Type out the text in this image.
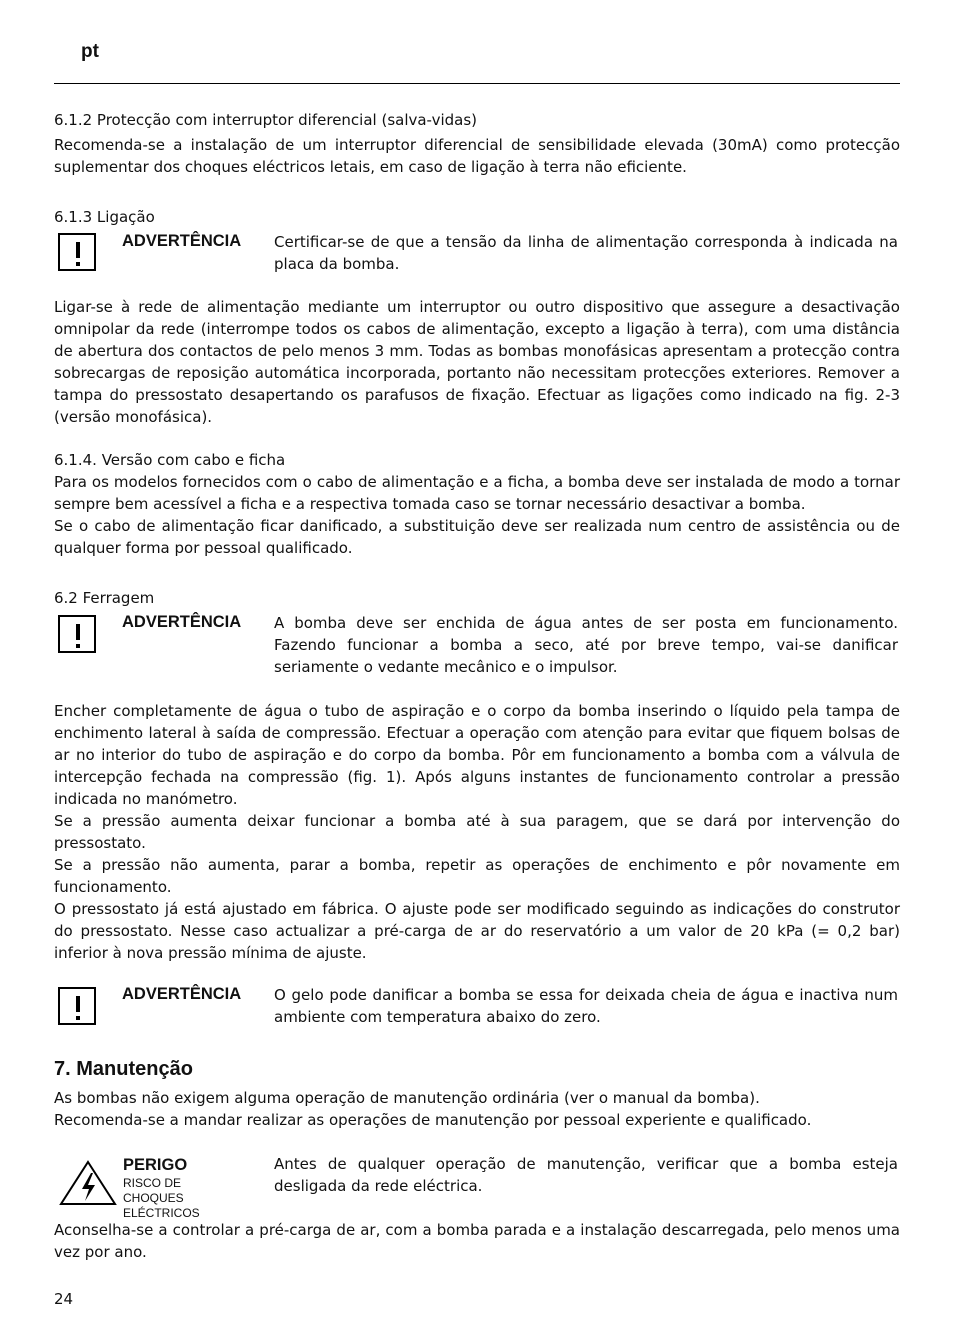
pt
6.1.2 Protecção com interruptor diferencial (salva-vidas)

Recomenda-se a instalação de um interruptor diferencial de sensibilidade elevada (30mA) como protecção suplementar dos choques eléctricos letais, em caso de ligação à terra não eficiente.

6.1.3 Ligação
ADVERTÊNCIA Certificar-se de que a tensão da linha de alimentação corresponda à indicada na placa da bomba.

Ligar-se à rede de alimentação mediante um interruptor ou outro dispositivo que assegure a desactivação omnipolar da rede (interrompe todos os cabos de alimentação, excepto a ligação à terra), com uma distância de abertura dos contactos de pelo menos 3 mm. Todas as bombas monofásicas apresentam a protecção contra sobrecargas de reposição automática incorporada, portanto não necessitam protecções exteriores. Remover a tampa do pressostato desapertando os parafusos de fixação. Efectuar as ligações como indicado na fig. 2-3 (versão monofásica).

6.1.4. Versão com cabo e ficha

Para os modelos fornecidos com o cabo de alimentação e a ficha, a bomba deve ser instalada de modo a tornar sempre bem acessível a ficha e a respectiva tomada caso se tornar necessário desactivar a bomba.

Se o cabo de alimentação ficar danificado, a substituição deve ser realizada num centro de assistência ou de qualquer forma por pessoal qualificado.

6.2 Ferragem
ADVERTÊNCIA A bomba deve ser enchida de água antes de ser posta em funcionamento. Fazendo funcionar a bomba a seco, até por breve tempo, vai-se danificar seriamente o vedante mecânico e o impulsor.

Encher completamente de água o tubo de aspiração e o corpo da bomba inserindo o líquido pela tampa de enchimento lateral à saída de compressão. Efectuar a operação com atenção para evitar que fiquem bolsas de ar no interior do tubo de aspiração e do corpo da bomba. Pôr em funcionamento a bomba com a válvula de intercepção fechada na compressão (fig. 1). Após alguns instantes de funcionamento controlar a pressão indicada no manómetro.

Se a pressão aumenta deixar funcionar a bomba até à sua paragem, que se dará por intervenção do pressostato.

Se a pressão não aumenta, parar a bomba, repetir as operações de enchimento e pôr novamente em funcionamento.

O pressostato já está ajustado em fábrica. O ajuste pode ser modificado seguindo as indicações do construtor do pressostato. Nesse caso actualizar a pré-carga de ar do reservatório a um valor de 20 kPa (= 0,2 bar) inferior à nova pressão mínima de ajuste.

ADVERTÊNCIA O gelo pode danificar a bomba se essa for deixada cheia de água e inactiva num ambiente com temperatura abaixo do zero.
7. Manutenção

As bombas não exigem alguma operação de manutenção ordinária (ver o manual da bomba).

Recomenda-se a mandar realizar as operações de manutenção por pessoal experiente e qualificado.

PERIGO
RISCO DE
CHOQUES ELÉCTRICOS
Antes de qualquer operação de manutenção, verificar que a bomba esteja desligada da rede eléctrica.

Aconselha-se a controlar a pré-carga de ar, com a bomba parada e a instalação descarregada, pelo menos uma vez por ano.

24
